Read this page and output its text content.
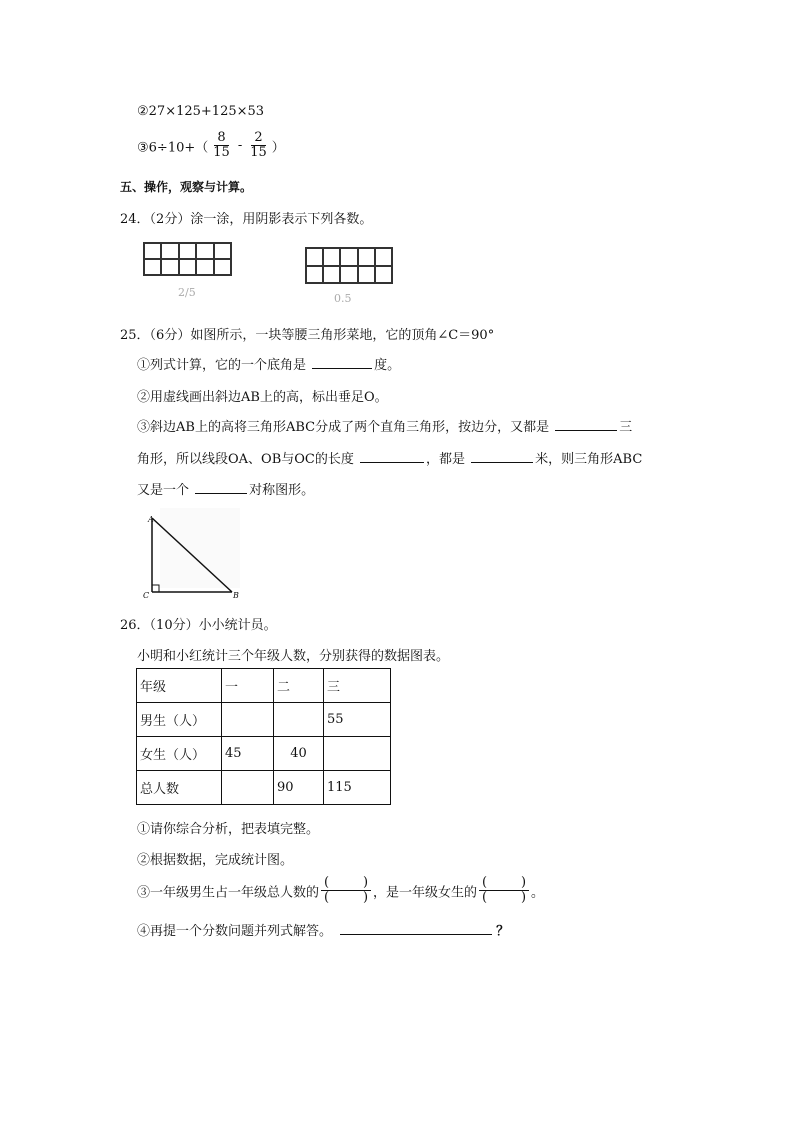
②27×125+125×53
③6÷10+（ $\frac{8}{15} - \frac{2}{15}$ ）
五、操作，观察与计算。
24．（2分）涂一涂，用阴影表示下列各数。
2/5	0.5
25．（6分）如图所示，一块等腰三角形菜地，它的顶角∠C＝90°
①列式计算，它的一个底角是	度。
②用虚线画出斜边AB上的高，标出垂足O。
③斜边AB上的高将三角形ABC分成了两个直角三角形，按边分，又都是	三
角形，所以线段OA、OB与OC的长度	，都是	米，则三角形ABC
又是一个	对称图形。
A
C	B
26．（10分）小小统计员。
小明和小红统计三个年级人数，分别获得的数据图表。
年级	一	二	三
男生（人）			55
女生（人）	45	40	
总人数		90	115
①请你综合分析，把表填完整。
②根据数据，完成统计图。
③一年级男生占一年级总人数的 (	)
(	) ，是一年级女生的 (	)
(	) 。
④再提一个分数问题并列式解答。	？
